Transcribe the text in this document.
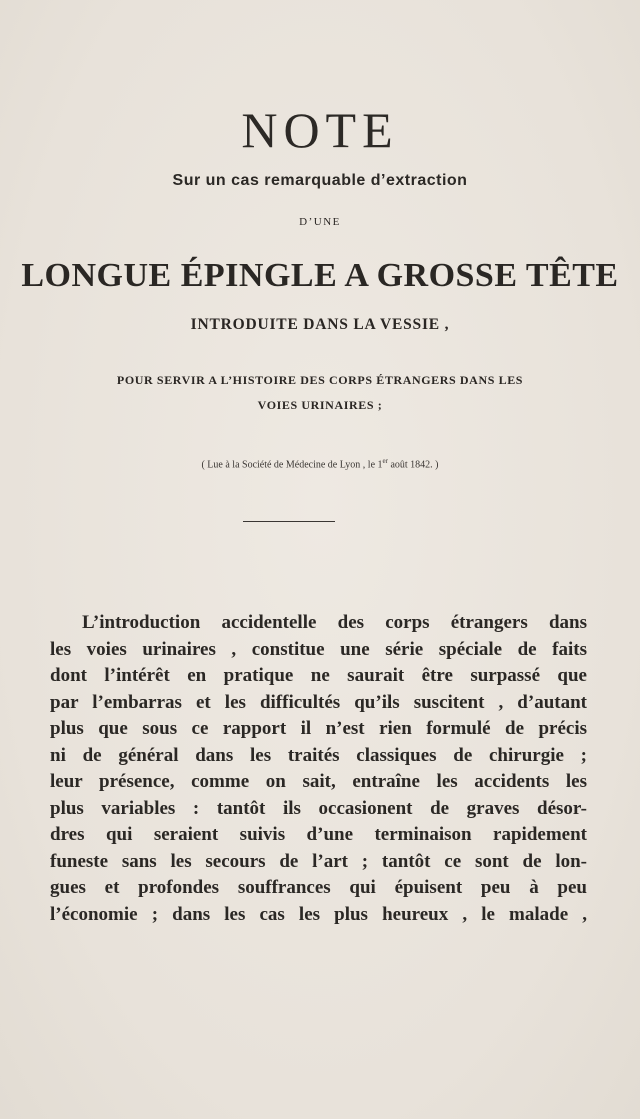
NOTE
Sur un cas remarquable d’extraction
D’UNE
LONGUE ÉPINGLE A GROSSE TÊTE
INTRODUITE DANS LA VESSIE ,
POUR SERVIR A L’HISTOIRE DES CORPS ÉTRANGERS DANS LES
VOIES URINAIRES ;
( Lue à la Société de Médecine de Lyon , le 1er août 1842. )
L’introduction accidentelle des corps étrangers dans
les voies urinaires , constitue une série spéciale de faits
dont l’intérêt en pratique ne saurait être surpassé que
par l’embarras et les difficultés qu’ils suscitent , d’autant
plus que sous ce rapport il n’est rien formulé de précis
ni de général dans les traités classiques de chirurgie ;
leur présence, comme on sait, entraîne les accidents les
plus variables : tantôt ils occasionent de graves désor-
dres qui seraient suivis d’une terminaison rapidement
funeste sans les secours de l’art ; tantôt ce sont de lon-
gues et profondes souffrances qui épuisent peu à peu
l’économie ; dans les cas les plus heureux , le malade ,
